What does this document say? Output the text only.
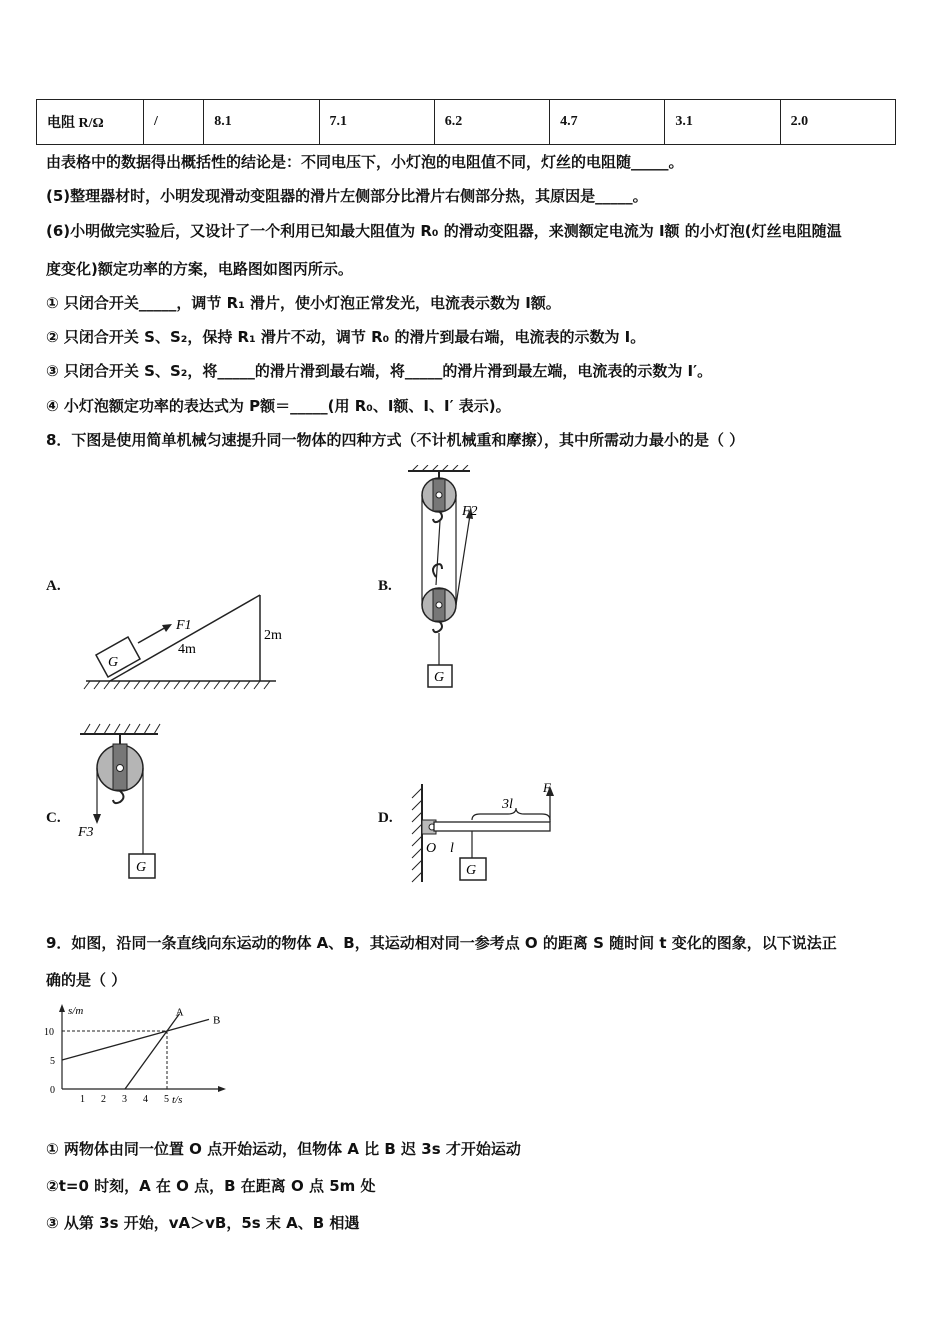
电阻 R/Ω	/	8.1	7.1	6.2	4.7	3.1	2.0
由表格中的数据得出概括性的结论是：不同电压下，小灯泡的电阻值不同，灯丝的电阻随_____。
(5)整理器材时，小明发现滑动变阻器的滑片左侧部分比滑片右侧部分热，其原因是_____。
(6)小明做完实验后，又设计了一个利用已知最大阻值为 R₀ 的滑动变阻器，来测额定电流为 I额 的小灯泡(灯丝电阻随温
度变化)额定功率的方案，电路图如图丙所示。
① 只闭合开关_____，调节 R₁ 滑片，使小灯泡正常发光，电流表示数为 I额。
② 只闭合开关 S、S₂，保持 R₁ 滑片不动，调节 R₀ 的滑片到最右端，电流表的示数为 I。
③ 只闭合开关 S、S₂，将_____的滑片滑到最右端，将_____的滑片滑到最左端，电流表的示数为 I′。
④ 小灯泡额定功率的表达式为 P额＝_____(用 R₀、I额、I、I′ 表示)。
8．下图是使用简单机械匀速提升同一物体的四种方式（不计机械重和摩擦），其中所需动力最小的是（ ）
A.	B.
C.	D.
G
F1
4m
2m
F2
G
F3
G
3l
F
O l
G
9．如图，沿同一条直线向东运动的物体 A、B，其运动相对同一参考点 O 的距离 S 随时间 t 变化的图象，以下说法正
确的是（ ）
s/m
t/s
1 2 3 4 5
0
5
10
A
B
① 两物体由同一位置 O 点开始运动，但物体 A 比 B 迟 3s 才开始运动
②t=0 时刻，A 在 O 点，B 在距离 O 点 5m 处
③ 从第 3s 开始，vA＞vB，5s 末 A、B 相遇
